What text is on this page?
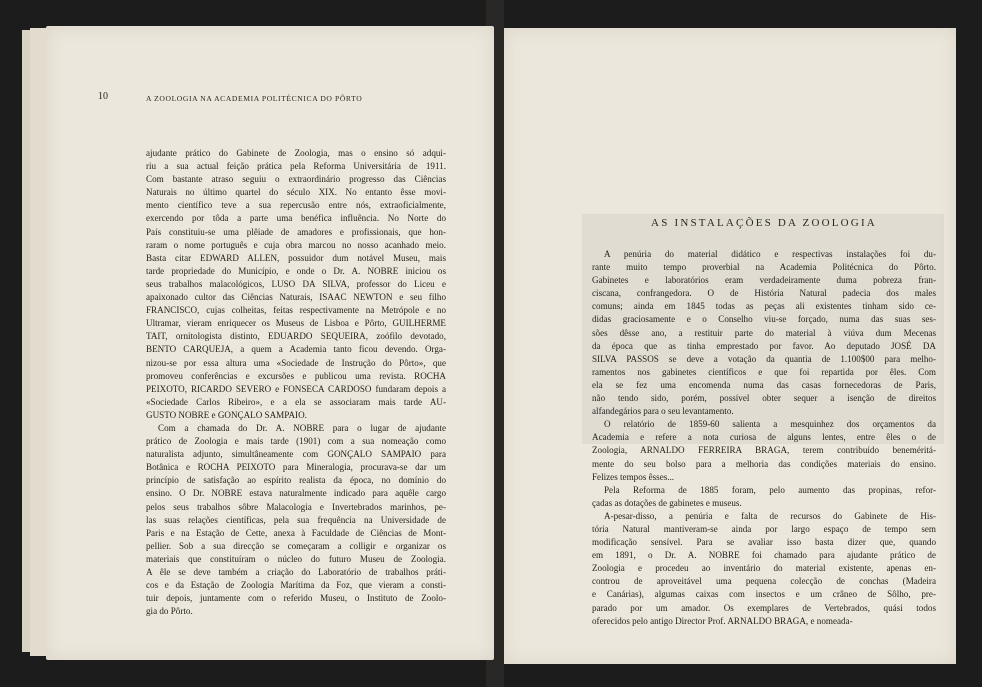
10	A ZOOLOGIA NA ACADEMIA POLITÉCNICA DO PÔRTO
ajudante prático do Gabinete de Zoologia, mas o ensino só adqui-
riu a sua actual feição prática pela Reforma Universitária de 1911.
Com bastante atraso seguiu o extraordinário progresso das Ciências
Naturais no último quartel do século XIX. No entanto êsse movi-
mento científico teve a sua repercusão entre nós, extraoficialmente,
exercendo por tôda a parte uma benéfica influência. No Norte do
País constituiu-se uma plêiade de amadores e profissionais, que hon-
raram o nome português e cuja obra marcou no nosso acanhado meio.
Basta citar EDWARD ALLEN, possuidor dum notável Museu, mais
tarde propriedade do Município, e onde o Dr. A. NOBRE iniciou os
seus trabalhos malacológicos, LUSO DA SILVA, professor do Liceu e
apaixonado cultor das Ciências Naturais, ISAAC NEWTON e seu filho
FRANCISCO, cujas colheitas, feitas respectivamente na Metrópole e no
Ultramar, vieram enriquecer os Museus de Lisboa e Pôrto, GUILHERME
TAIT, ornitologista distinto, EDUARDO SEQUEIRA, zoófilo devotado,
BENTO CARQUEJA, a quem a Academia tanto ficou devendo. Orga-
nizou-se por essa altura uma «Sociedade de Instrução do Pôrto», que
promoveu conferências e excursões e publicou uma revista. ROCHA
PEIXOTO, RICARDO SEVERO e FONSECA CARDOSO fundaram depois a
«Sociedade Carlos Ribeiro», e a ela se associaram mais tarde AU-
GUSTO NOBRE e GONÇALO SAMPAIO.
Com a chamada do Dr. A. NOBRE para o lugar de ajudante
prático de Zoologia e mais tarde (1901) com a sua nomeação como
naturalista adjunto, simultâneamente com GONÇALO SAMPAIO para
Botânica e ROCHA PEIXOTO para Mineralogia, procurava-se dar um
princípio de satisfação ao espírito realista da época, no domínio do
ensino. O Dr. NOBRE estava naturalmente indicado para aquêle cargo
pelos seus trabalhos sôbre Malacologia e Invertebrados marinhos, pe-
las suas relações científicas, pela sua frequência na Universidade de
Paris e na Estação de Cette, anexa à Faculdade de Ciências de Mont-
pellier. Sob a sua direcção se começaram a colligir e organizar os
materiais que constituíram o núcleo do futuro Museu de Zoologia.
A êle se deve também a criação do Laboratório de trabalhos práti-
cos e da Estação de Zoologia Marítima da Foz, que vieram a consti-
tuir depois, juntamente com o referido Museu, o Instituto de Zoolo-
gia do Pôrto.
AS INSTALAÇÕES DA ZOOLOGIA
A penúria do material didático e respectivas instalações foi du-
rante muito tempo proverbial na Academia Politécnica do Pôrto.
Gabinetes e laboratórios eram verdadeiramente duma pobreza fran-
ciscana, confrangedora. O de História Natural padecia dos males
comuns; ainda em 1845 todas as peças ali existentes tinham sido ce-
didas graciosamente e o Conselho viu-se forçado, numa das suas ses-
sões dêsse ano, a restituir parte do material à viúva dum Mecenas
da época que as tinha emprestado por favor. Ao deputado JOSÉ DA
SILVA PASSOS se deve a votação da quantia de 1.100$00 para melho-
ramentos nos gabinetes científicos e que foi repartida por êles. Com
ela se fez uma encomenda numa das casas fornecedoras de Paris,
não tendo sido, porém, possível obter sequer a isenção de direitos
alfandegários para o seu levantamento.
O relatório de 1859-60 salienta a mesquinhez dos orçamentos da
Academia e refere a nota curiosa de alguns lentes, entre êles o de
Zoologia, ARNALDO FERREIRA BRAGA, terem contribuído beneméritá-
mente do seu bolso para a melhoria das condições materiais do ensino.
Felizes tempos êsses...
Pela Reforma de 1885 foram, pelo aumento das propinas, refor-
çadas as dotações de gabinetes e museus.
A-pesar-disso, a penúria e falta de recursos do Gabinete de His-
tória Natural mantiveram-se ainda por largo espaço de tempo sem
modificação sensível. Para se avaliar isso basta dizer que, quando
em 1891, o Dr. A. NOBRE foi chamado para ajudante prático de
Zoologia e procedeu ao inventário do material existente, apenas en-
controu de aproveitável uma pequena colecção de conchas (Madeira
e Canárias), algumas caixas com insectos e um crâneo de Sôlho, pre-
parado por um amador. Os exemplares de Vertebrados, quási todos
oferecidos pelo antigo Director Prof. ARNALDO BRAGA, e nomeada-
